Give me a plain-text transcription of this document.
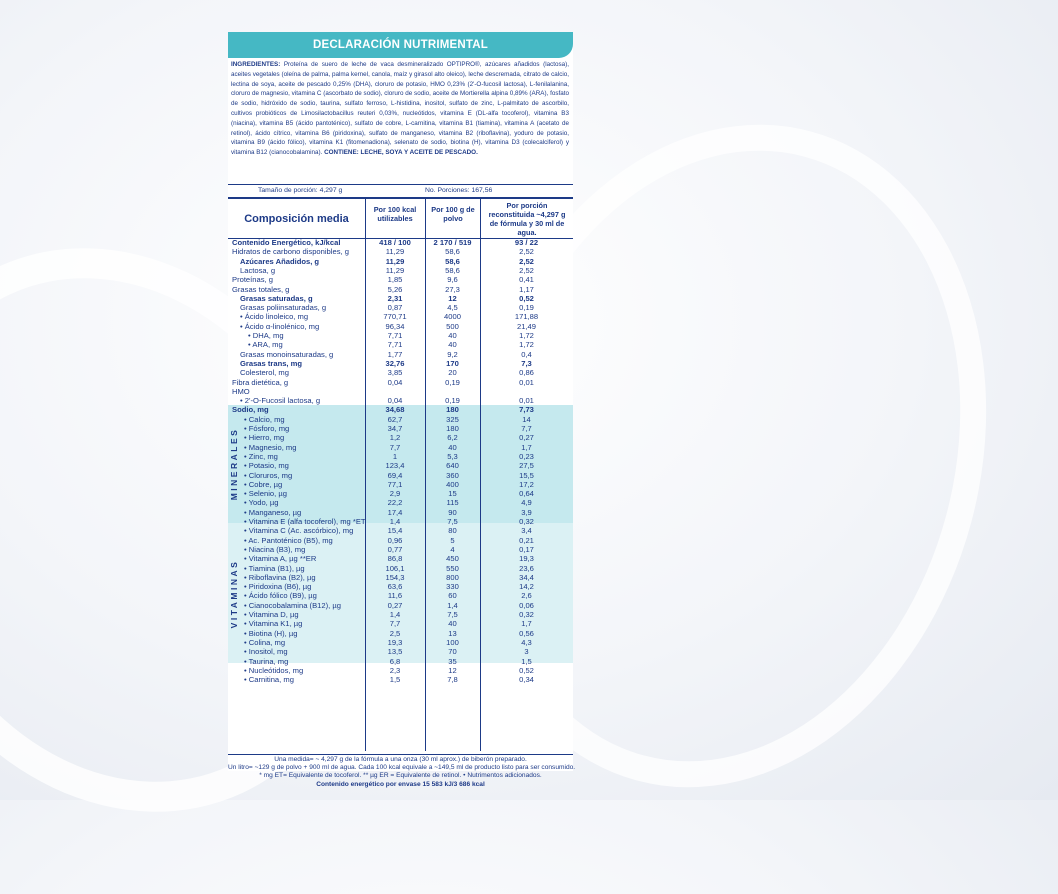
DECLARACIÓN NUTRIMENTAL
INGREDIENTES: Proteína de suero de leche de vaca desmineralizado OPTIPRO®, azúcares añadidos (lactosa), aceites vegetales (oleína de palma, palma kernel, canola, maíz y girasol alto oleico), leche descremada, citrato de calcio, lectina de soya, aceite de pescado 0,25% (DHA), cloruro de potasio, HMO 0,23% (2'-O-fucosil lactosa), L-fenilalanina, cloruro de magnesio, vitamina C (ascorbato de sodio), cloruro de sodio, aceite de Mortierella alpina 0,89% (ARA), fosfato de sodio, hidróxido de sodio, taurina, sulfato ferroso, L-histidina, inositol, sulfato de zinc, L-palmitato de ascorbilo, cultivos probióticos de Limosilactobacillus reuteri 0,03%, nucleótidos, vitamina E (DL-alfa tocoferol), vitamina B3 (niacina), vitamina B5 (ácido pantoténico), sulfato de cobre, L-carnitina, vitamina B1 (tiamina), vitamina A (acetato de retinol), ácido cítrico, vitamina B6 (piridoxina), sulfato de manganeso, vitamina B2 (riboflavina), yoduro de potasio, vitamina B9 (ácido fólico), vitamina K1 (fitomenadiona), selenato de sodio, biotina (H), vitamina D3 (colecalciferol) y vitamina B12 (cianocobalamina). CONTIENE: LECHE, SOYA Y ACEITE DE PESCADO.
Tamaño de porción: 4,297 g	No. Porciones: 167,56
Composición media
Por 100 kcal utilizables
Por 100 g de polvo
Por porción reconstituida ~4,297 g de fórmula y 30 ml de agua.
MINERALES
VITAMINAS
Contenido Energético, kJ/kcal	418 / 100	2 170 / 519	93 / 22
Hidratos de carbono disponibles, g	11,29	58,6	2,52
Azúcares Añadidos, g	11,29	58,6	2,52
Lactosa, g	11,29	58,6	2,52
Proteínas, g	1,85	9,6	0,41
Grasas totales, g	5,26	27,3	1,17
Grasas saturadas, g	2,31	12	0,52
Grasas poliinsaturadas, g	0,87	4,5	0,19
• Ácido linoleico, mg	770,71	4000	171,88
• Ácido α-linolénico, mg	96,34	500	21,49
• DHA, mg	7,71	40	1,72
• ARA, mg	7,71	40	1,72
Grasas monoinsaturadas, g	1,77	9,2	0,4
Grasas trans, mg	32,76	170	7,3
Colesterol, mg	3,85	20	0,86
Fibra dietética, g	0,04	0,19	0,01
HMO
• 2'-O-Fucosil lactosa, g	0,04	0,19	0,01
Sodio, mg	34,68	180	7,73
• Calcio, mg	62,7	325	14
• Fósforo, mg	34,7	180	7,7
• Hierro, mg	1,2	6,2	0,27
• Magnesio, mg	7,7	40	1,7
• Zinc, mg	1	5,3	0,23
• Potasio, mg	123,4	640	27,5
• Cloruros, mg	69,4	360	15,5
• Cobre, µg	77,1	400	17,2
• Selenio, µg	2,9	15	0,64
• Yodo, µg	22,2	115	4,9
• Manganeso, µg	17,4	90	3,9
• Vitamina E (alfa tocoferol), mg *ET	1,4	7,5	0,32
• Vitamina C (Ac. ascórbico), mg	15,4	80	3,4
• Ac. Pantoténico (B5), mg	0,96	5	0,21
• Niacina (B3), mg	0,77	4	0,17
• Vitamina A, µg **ER	86,8	450	19,3
• Tiamina (B1), µg	106,1	550	23,6
• Riboflavina (B2), µg	154,3	800	34,4
• Piridoxina (B6), µg	63,6	330	14,2
• Ácido fólico (B9), µg	11,6	60	2,6
• Cianocobalamina (B12), µg	0,27	1,4	0,06
• Vitamina D, µg	1,4	7,5	0,32
• Vitamina K1, µg	7,7	40	1,7
• Biotina (H), µg	2,5	13	0,56
• Colina, mg	19,3	100	4,3
• Inositol, mg	13,5	70	3
• Taurina, mg	6,8	35	1,5
• Nucleótidos, mg	2,3	12	0,52
• Carnitina, mg	1,5	7,8	0,34
Una medida= ~ 4,297 g de la fórmula a una onza (30 ml aprox.) de biberón preparado.
Un litro= ~129 g de polvo + 900 ml de agua. Cada 100 kcal equivale a ~149,5 ml de producto listo para ser consumido.
* mg ET= Equivalente de tocoferol. ** µg ER = Equivalente de retinol. • Nutrimentos adicionados.
Contenido energético por envase 15 583 kJ/3 686 kcal
